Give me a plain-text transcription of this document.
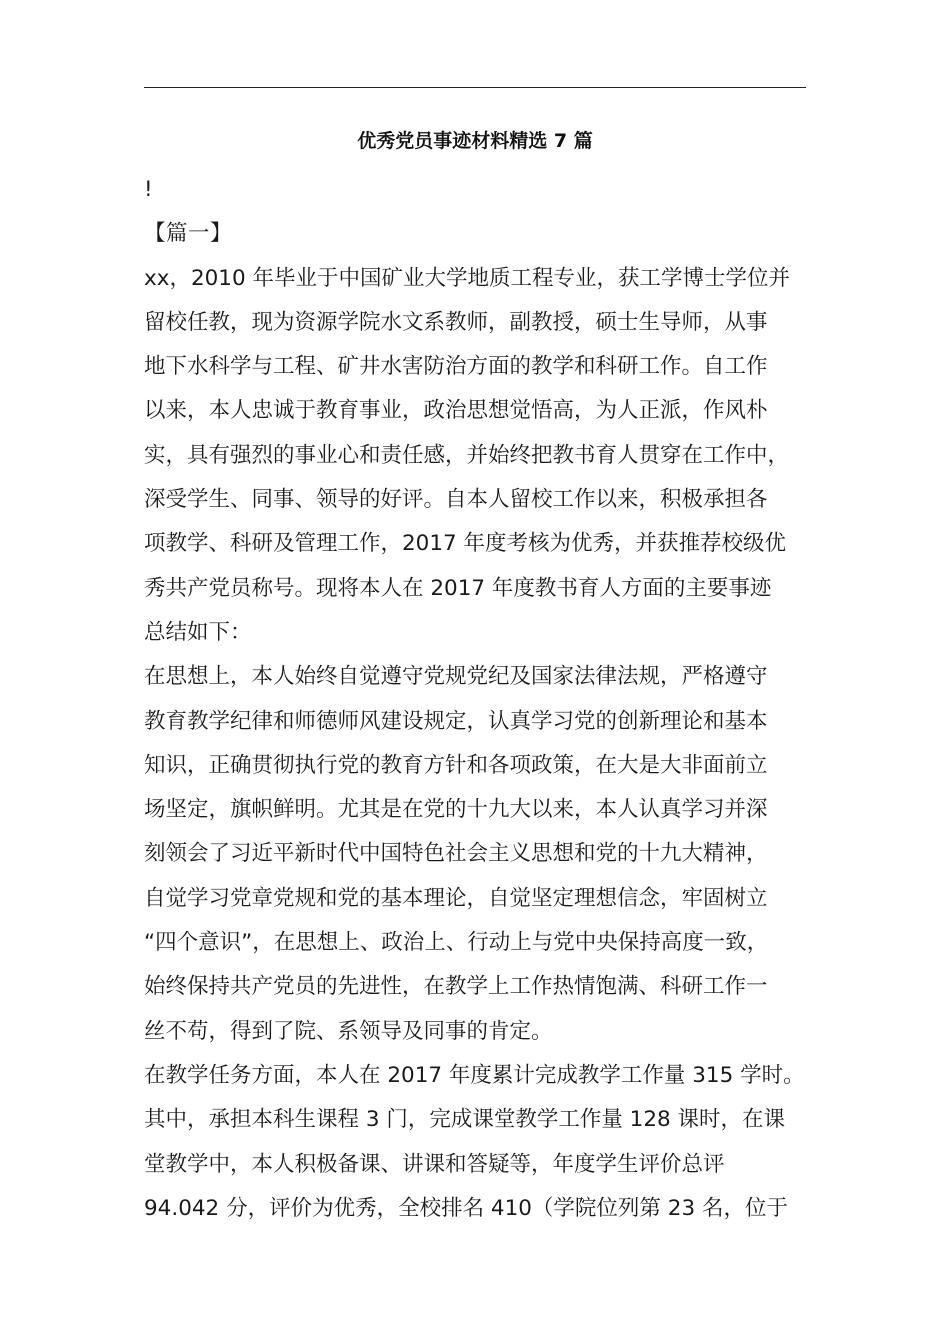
优秀党员事迹材料精选 7 篇
!
【篇一】
xx，2010 年毕业于中国矿业大学地质工程专业，获工学博士学位并
留校任教，现为资源学院水文系教师，副教授，硕士生导师，从事
地下水科学与工程、矿井水害防治方面的教学和科研工作。自工作
以来，本人忠诚于教育事业，政治思想觉悟高，为人正派，作风朴
实，具有强烈的事业心和责任感，并始终把教书育人贯穿在工作中，
深受学生、同事、领导的好评。自本人留校工作以来，积极承担各
项教学、科研及管理工作，2017 年度考核为优秀，并获推荐校级优
秀共产党员称号。现将本人在 2017 年度教书育人方面的主要事迹
总结如下：
在思想上，本人始终自觉遵守党规党纪及国家法律法规，严格遵守
教育教学纪律和师德师风建设规定，认真学习党的创新理论和基本
知识，正确贯彻执行党的教育方针和各项政策，在大是大非面前立
场坚定，旗帜鲜明。尤其是在党的十九大以来，本人认真学习并深
刻领会了习近平新时代中国特色社会主义思想和党的十九大精神，
自觉学习党章党规和党的基本理论，自觉坚定理想信念，牢固树立
“四个意识”，在思想上、政治上、行动上与党中央保持高度一致，
始终保持共产党员的先进性，在教学上工作热情饱满、科研工作一
丝不苟，得到了院、系领导及同事的肯定。
在教学任务方面，本人在 2017 年度累计完成教学工作量 315 学时。
其中，承担本科生课程 3 门，完成课堂教学工作量 128 课时，在课
堂教学中，本人积极备课、讲课和答疑等，年度学生评价总评
94.042 分，评价为优秀，全校排名 410（学院位列第 23 名，位于
